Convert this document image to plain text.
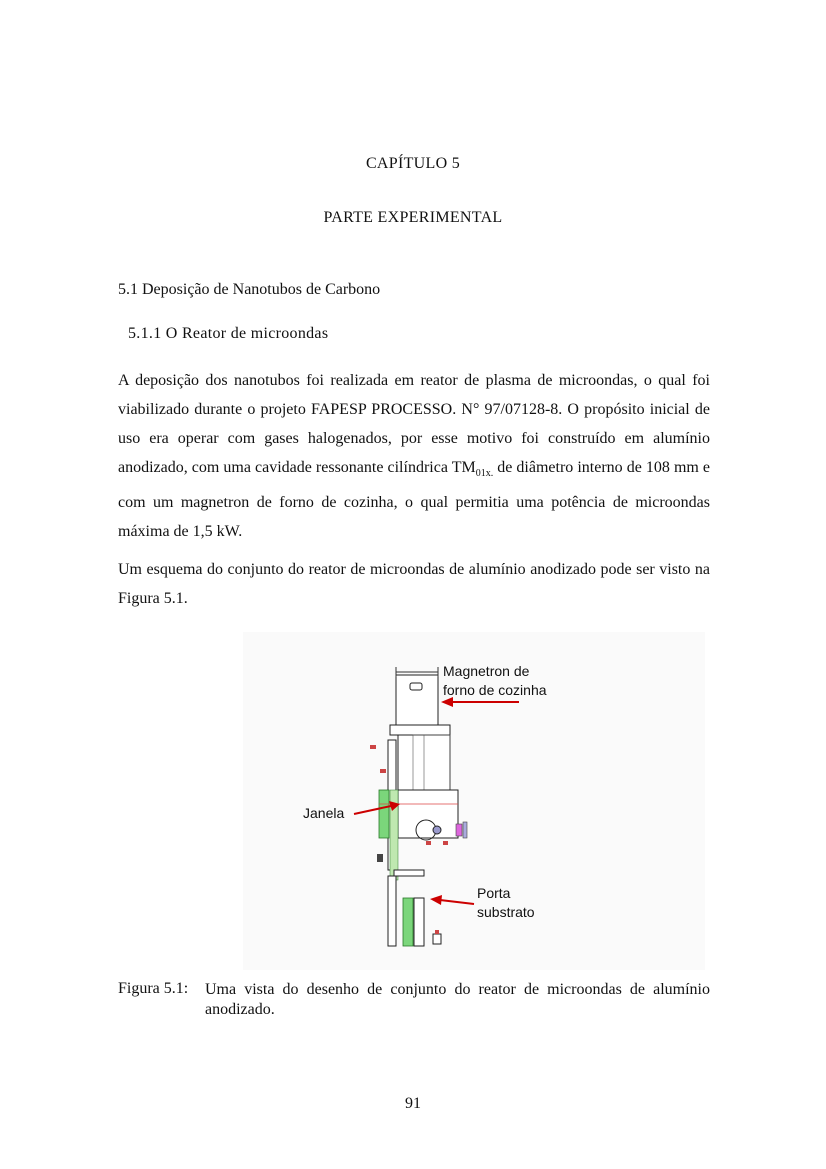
CAPÍTULO 5
PARTE EXPERIMENTAL
5.1 Deposição de Nanotubos de Carbono
5.1.1 O Reator de microondas
A deposição dos nanotubos foi realizada em reator de plasma de microondas, o qual foi viabilizado durante o projeto FAPESP PROCESSO. N° 97/07128-8. O propósito inicial de uso era operar com gases halogenados, por esse motivo foi construído em alumínio anodizado, com uma cavidade ressonante cilíndrica $TM_{01x.}$ de diâmetro interno de 108 mm e com um magnetron de forno de cozinha, o qual permitia uma potência de microondas máxima de 1,5 kW.
Um esquema do conjunto do reator de microondas de alumínio anodizado pode ser visto na Figura 5.1.
Magnetron de
forno de cozinha
Janela
Porta
substrato
Figura 5.1: Uma vista do desenho de conjunto do reator de microondas de alumínio anodizado.
91
